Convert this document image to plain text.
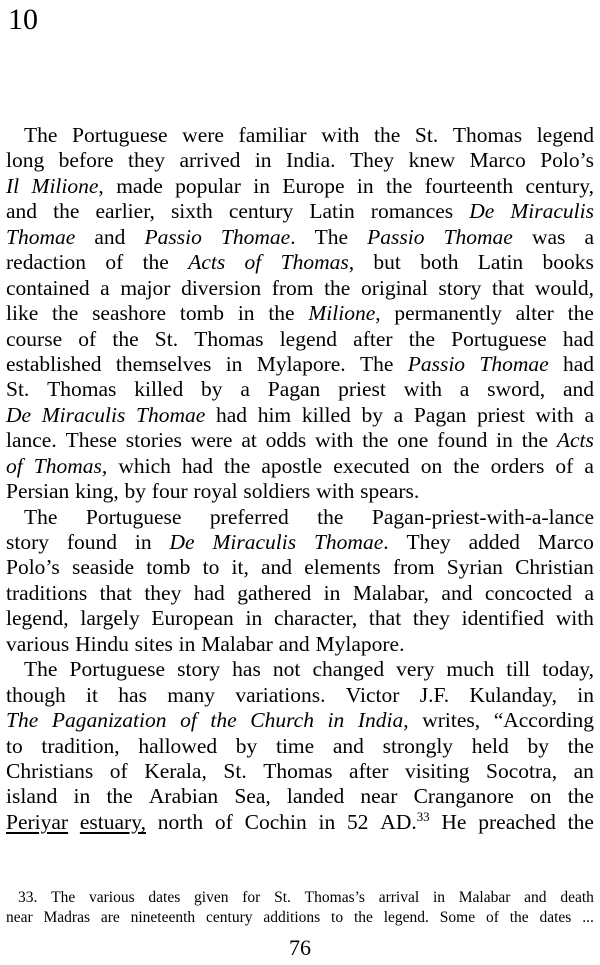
10
The Portuguese were familiar with the St. Thomas legend
long before they arrived in India. They knew Marco Polo’s
Il Milione, made popular in Europe in the fourteenth century,
and the earlier, sixth century Latin romances De Miraculis
Thomae and Passio Thomae. The Passio Thomae was a
redaction of the Acts of Thomas, but both Latin books
contained a major diversion from the original story that would,
like the seashore tomb in the Milione, permanently alter the
course of the St. Thomas legend after the Portuguese had
established themselves in Mylapore. The Passio Thomae had
St. Thomas killed by a Pagan priest with a sword, and
De Miraculis Thomae had him killed by a Pagan priest with a
lance. These stories were at odds with the one found in the Acts
of Thomas, which had the apostle executed on the orders of a
Persian king, by four royal soldiers with spears.
The Portuguese preferred the Pagan-priest-with-a-lance
story found in De Miraculis Thomae. They added Marco
Polo’s seaside tomb to it, and elements from Syrian Christian
traditions that they had gathered in Malabar, and concocted a
legend, largely European in character, that they identified with
various Hindu sites in Malabar and Mylapore.
The Portuguese story has not changed very much till today,
though it has many variations. Victor J.F. Kulanday, in
The Paganization of the Church in India, writes, “According
to tradition, hallowed by time and strongly held by the
Christians of Kerala, St. Thomas after visiting Socotra, an
island in the Arabian Sea, landed near Cranganore on the
Periyar estuary, north of Cochin in 52 AD.$^{33}$ He preached the
33. The various dates given for St. Thomas’s arrival in Malabar and death
near Madras are nineteenth century additions to the legend. Some of the dates ...
76
